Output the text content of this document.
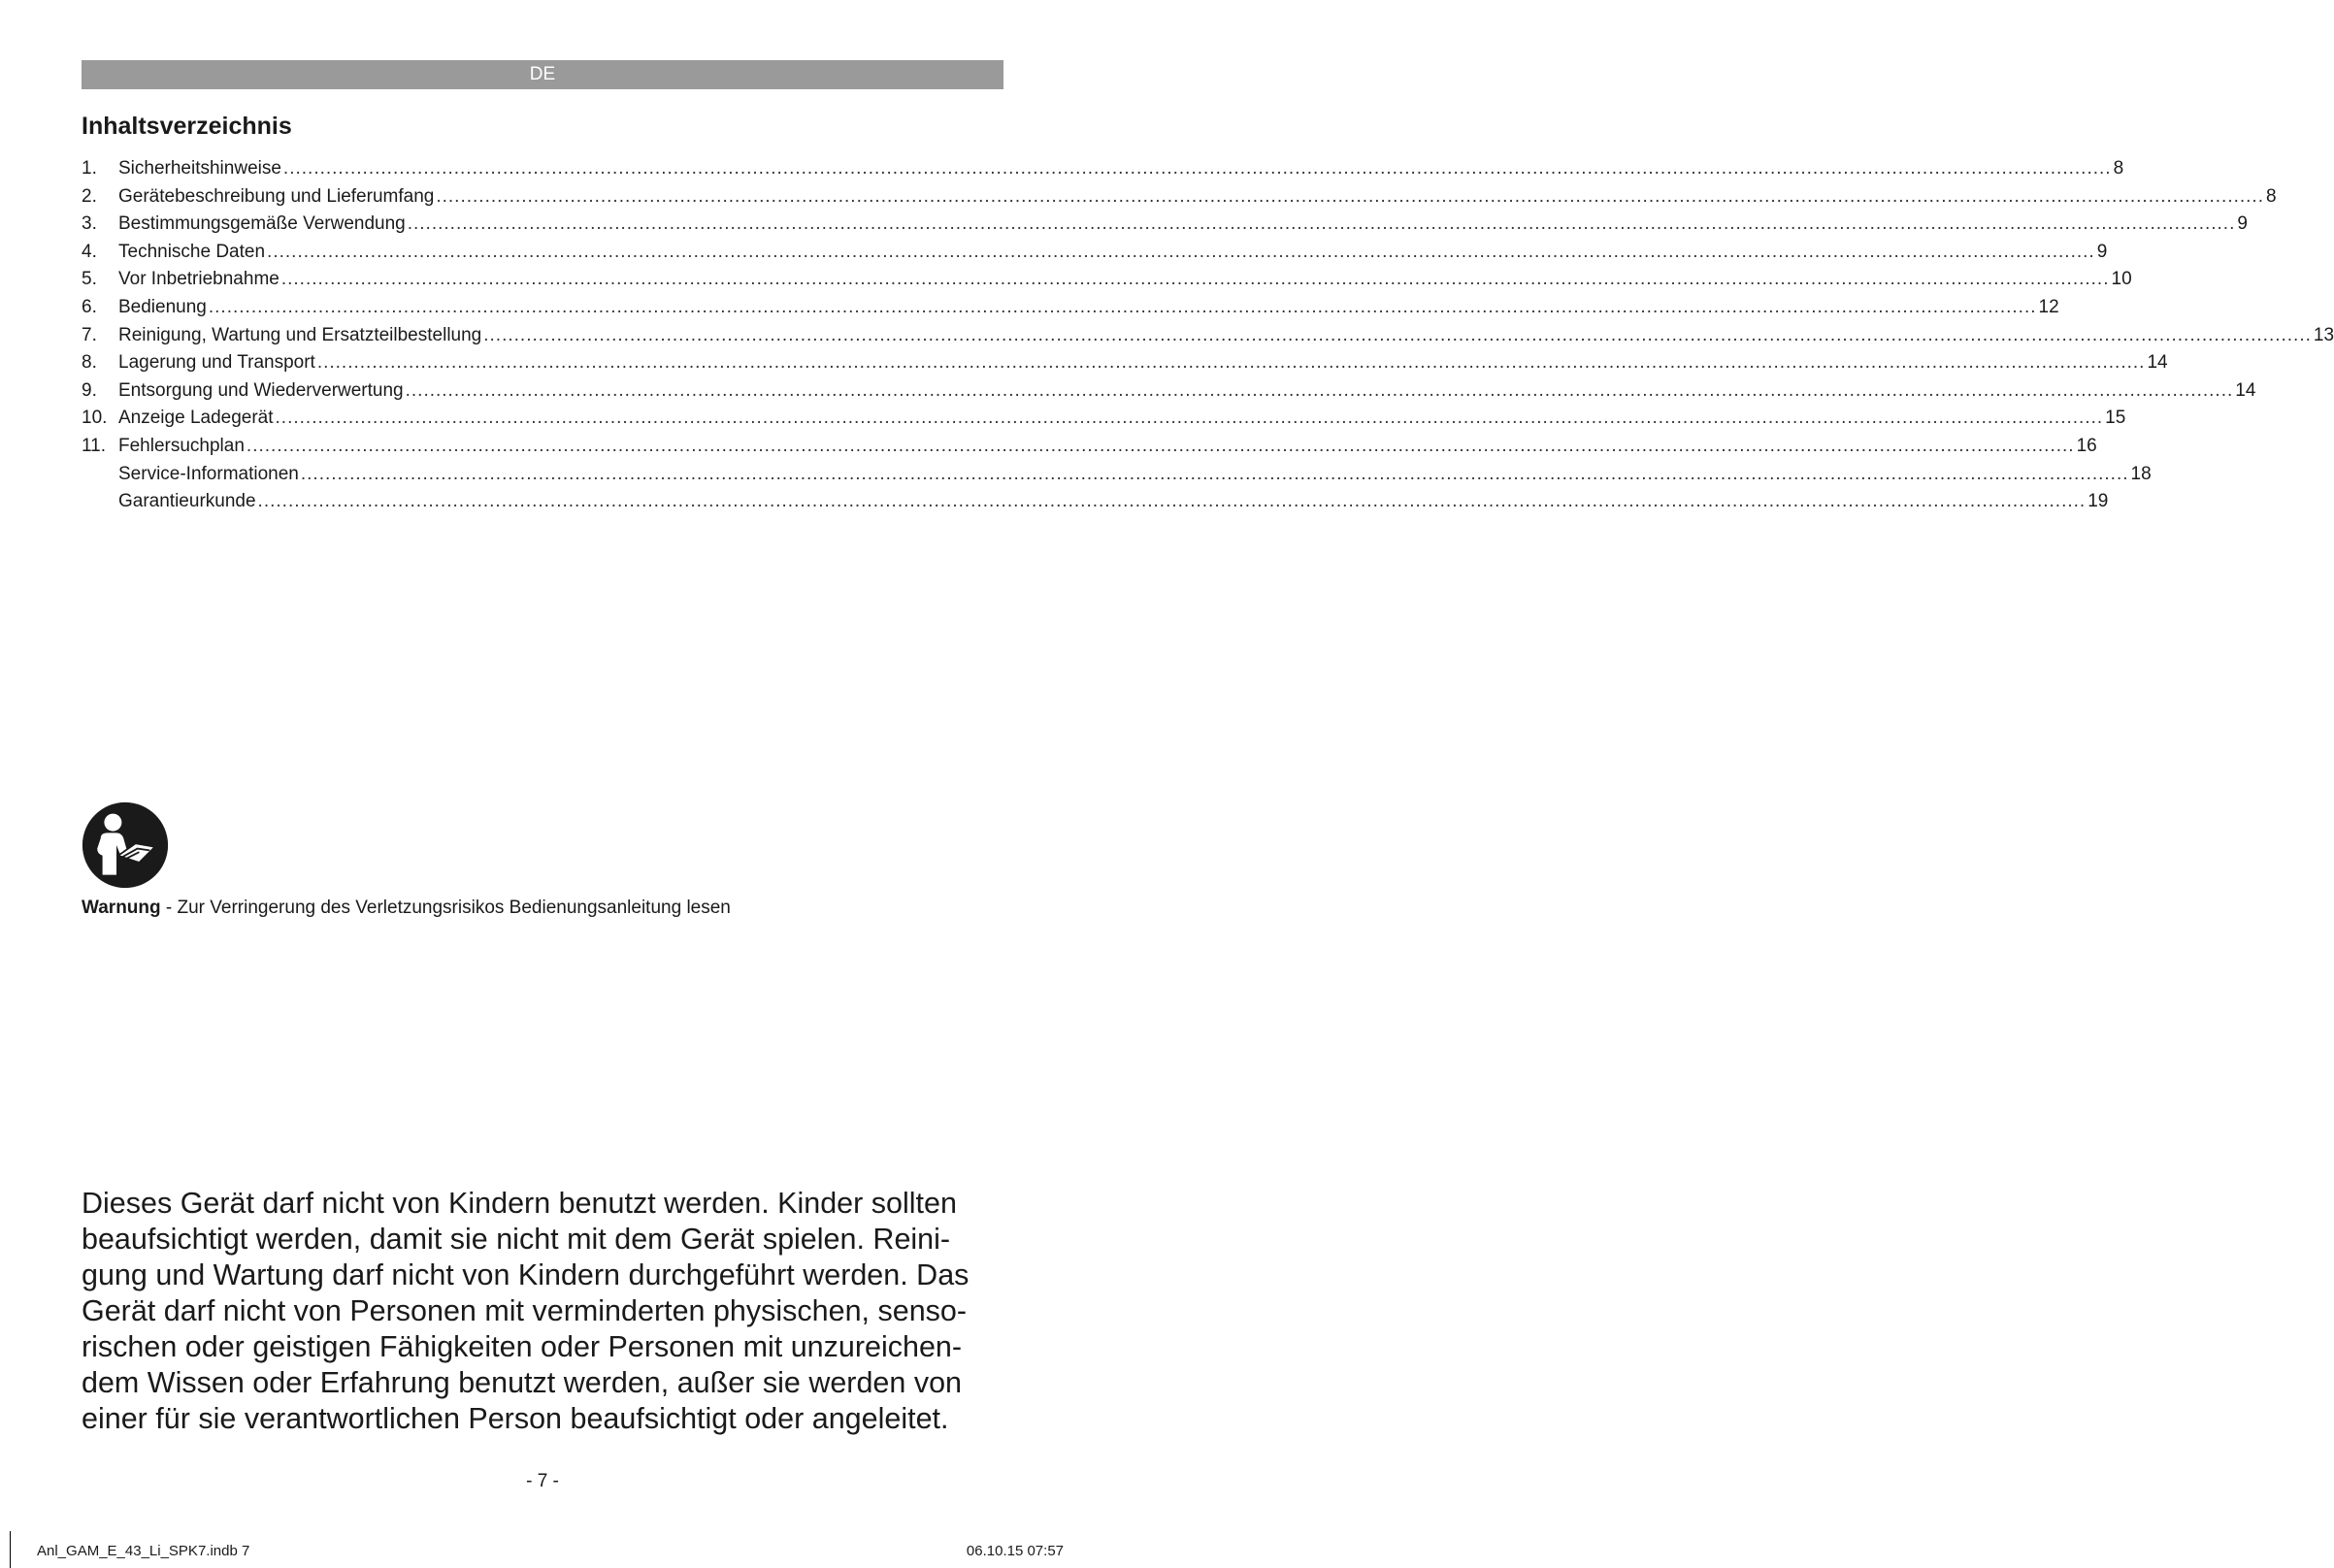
DE
Inhaltsverzeichnis
1.	Sicherheitshinweise ............................................................................................................................................................................................................................................................................................................ 8
2.	Gerätebeschreibung und Lieferumfang ............................................................................................................................................................................................................................................................................................................ 8
3.	Bestimmungsgemäße Verwendung ............................................................................................................................................................................................................................................................................................................ 9
4.	Technische Daten ............................................................................................................................................................................................................................................................................................................ 9
5.	Vor Inbetriebnahme ............................................................................................................................................................................................................................................................................................................ 10
6.	Bedienung ............................................................................................................................................................................................................................................................................................................ 12
7.	Reinigung, Wartung und Ersatzteilbestellung ............................................................................................................................................................................................................................................................................................................ 13
8.	Lagerung und Transport ............................................................................................................................................................................................................................................................................................................ 14
9.	Entsorgung und Wiederverwertung ............................................................................................................................................................................................................................................................................................................ 14
10. Anzeige Ladegerät ............................................................................................................................................................................................................................................................................................................ 15
11. Fehlersuchplan ............................................................................................................................................................................................................................................................................................................ 16
Service-Informationen ............................................................................................................................................................................................................................................................................................................ 18
Garantieurkunde ............................................................................................................................................................................................................................................................................................................ 19

Warnung - Zur Verringerung des Verletzungsrisikos Bedienungsanleitung lesen

Dieses Gerät darf nicht von Kindern benutzt werden. Kinder sollten
beaufsichtigt werden, damit sie nicht mit dem Gerät spielen. Reini-
gung und Wartung darf nicht von Kindern durchgeführt werden. Das
Gerät darf nicht von Personen mit verminderten physischen, senso-
rischen oder geistigen Fähigkeiten oder Personen mit unzureichen-
dem Wissen oder Erfahrung benutzt werden, außer sie werden von
einer für sie verantwortlichen Person beaufsichtigt oder angeleitet.

- 7 -
Anl_GAM_E_43_Li_SPK7.indb 7	06.10.15 07:57
